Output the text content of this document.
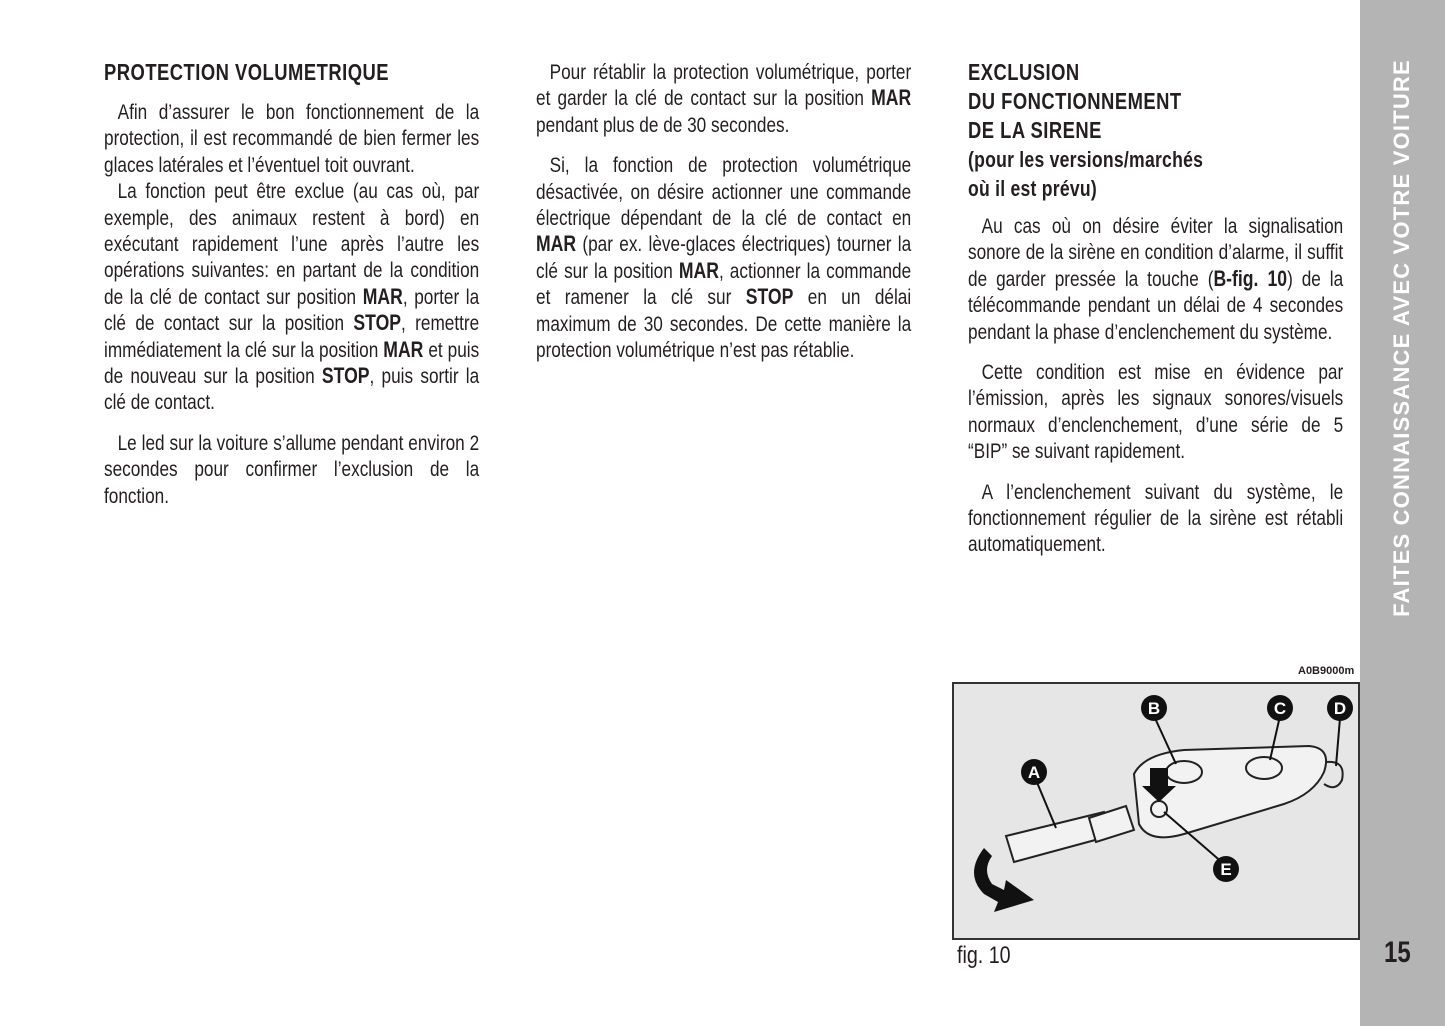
PROTECTION VOLUMETRIQUE

Afin d’assurer le bon fonctionnement de la protection, il est recommandé de bien fermer les glaces latérales et l’éventuel toit ouvrant.

La fonction peut être exclue (au cas où, par exemple, des animaux restent à bord) en exécutant rapidement l’une après l’autre les opérations suivantes: en partant de la condition de la clé de contact sur position MAR, porter la clé de contact sur la position STOP, remettre immédiatement la clé sur la position MAR et puis de nouveau sur la position STOP, puis sortir la clé de contact.

Le led sur la voiture s’allume pendant environ 2 secondes pour confirmer l’exclusion de la fonction.

Pour rétablir la protection volumétrique, porter et garder la clé de contact sur la position MAR pendant plus de de 30 secondes.

Si, la fonction de protection volumétrique désactivée, on désire actionner une commande électrique dépendant de la clé de contact en MAR (par ex. lève-glaces électriques) tourner la clé sur la position MAR, actionner la commande et ramener la clé sur STOP en un délai maximum de 30 secondes. De cette manière la protection volumétrique n’est pas rétablie.

EXCLUSION
DU FONCTIONNEMENT
DE LA SIRENE
(pour les versions/marchés
où il est prévu)

Au cas où on désire éviter la signalisation sonore de la sirène en condition d’alarme, il suffit de garder pressée la touche (B-fig. 10) de la télécommande pendant un délai de 4 secondes pendant la phase d’enclenchement du système.

Cette condition est mise en évidence par l’émission, après les signaux sonores/visuels normaux d’enclenchement, d’une série de 5 “BIP” se suivant rapidement.

A l’enclenchement suivant du système, le fonctionnement régulier de la sirène est rétabli automatiquement.

A0B9000m
A
B	C	D
E
fig. 10
FAITES CONNAISSANCE AVEC VOTRE VOITURE
15
